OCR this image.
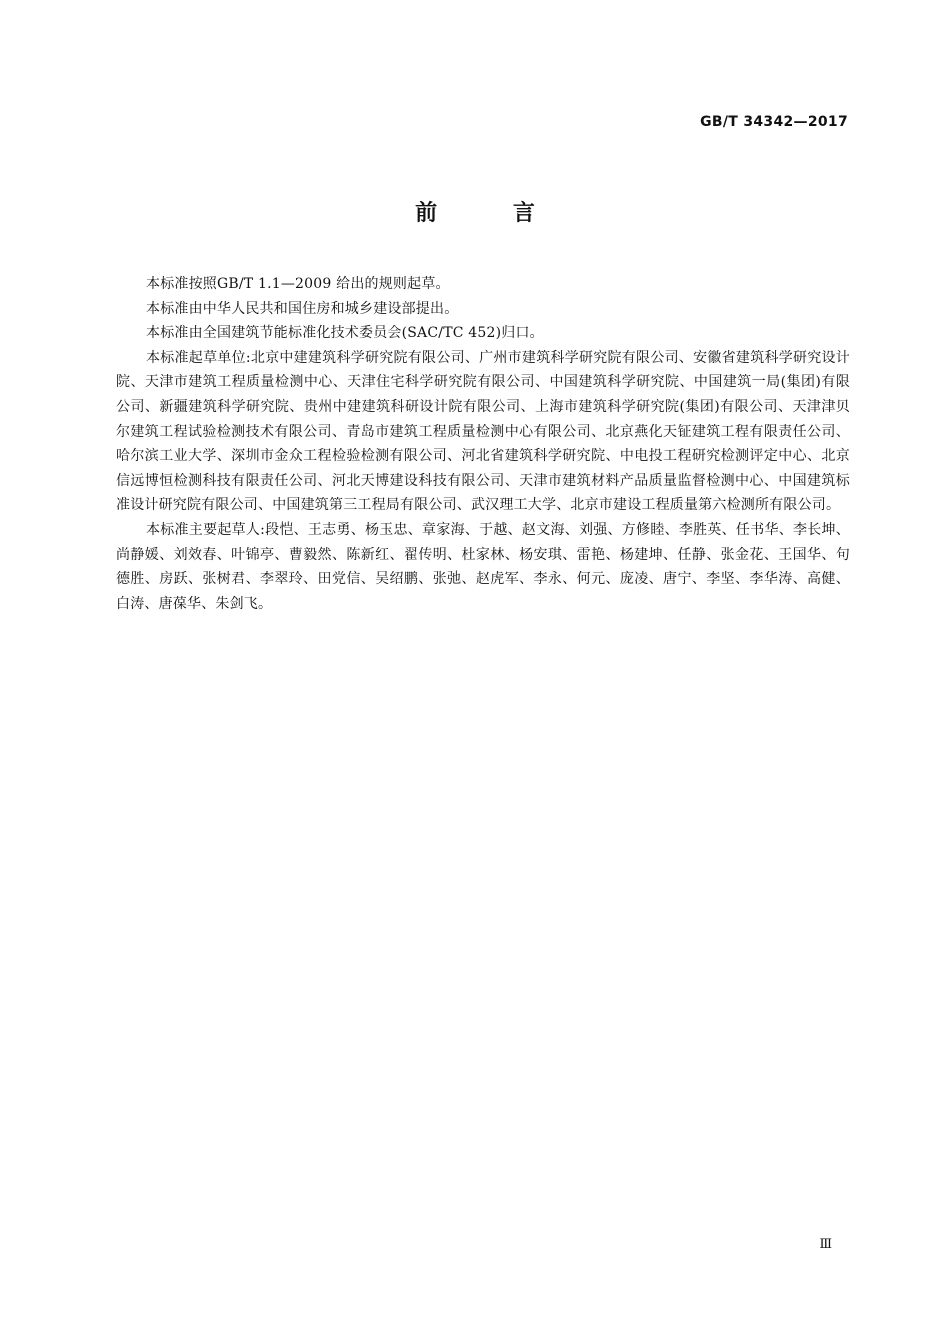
GB/T 34342—2017
前 言

本标准按照GB/T 1.1—2009 给出的规则起草。

本标准由中华人民共和国住房和城乡建设部提出。

本标准由全国建筑节能标准化技术委员会(SAC/TC 452)归口。

本标准起草单位:北京中建建筑科学研究院有限公司、广州市建筑科学研究院有限公司、安徽省建筑科学研究设计院、天津市建筑工程质量检测中心、天津住宅科学研究院有限公司、中国建筑科学研究院、中国建筑一局(集团)有限公司、新疆建筑科学研究院、贵州中建建筑科研设计院有限公司、上海市建筑科学研究院(集团)有限公司、天津津贝尔建筑工程试验检测技术有限公司、青岛市建筑工程质量检测中心有限公司、北京燕化天钲建筑工程有限责任公司、哈尔滨工业大学、深圳市金众工程检验检测有限公司、河北省建筑科学研究院、中电投工程研究检测评定中心、北京信远博恒检测科技有限责任公司、河北天博建设科技有限公司、天津市建筑材料产品质量监督检测中心、中国建筑标准设计研究院有限公司、中国建筑第三工程局有限公司、武汉理工大学、北京市建设工程质量第六检测所有限公司。

本标准主要起草人:段恺、王志勇、杨玉忠、章家海、于越、赵文海、刘强、方修睦、李胜英、任书华、李长坤、尚静媛、刘效春、叶锦亭、曹毅然、陈新红、翟传明、杜家林、杨安琪、雷艳、杨建坤、任静、张金花、王国华、句德胜、房跃、张树君、李翠玲、田党信、吴绍鹏、张弛、赵虎军、李永、何元、庞凌、唐宁、李坚、李华涛、高健、白涛、唐葆华、朱剑飞。

Ⅲ
